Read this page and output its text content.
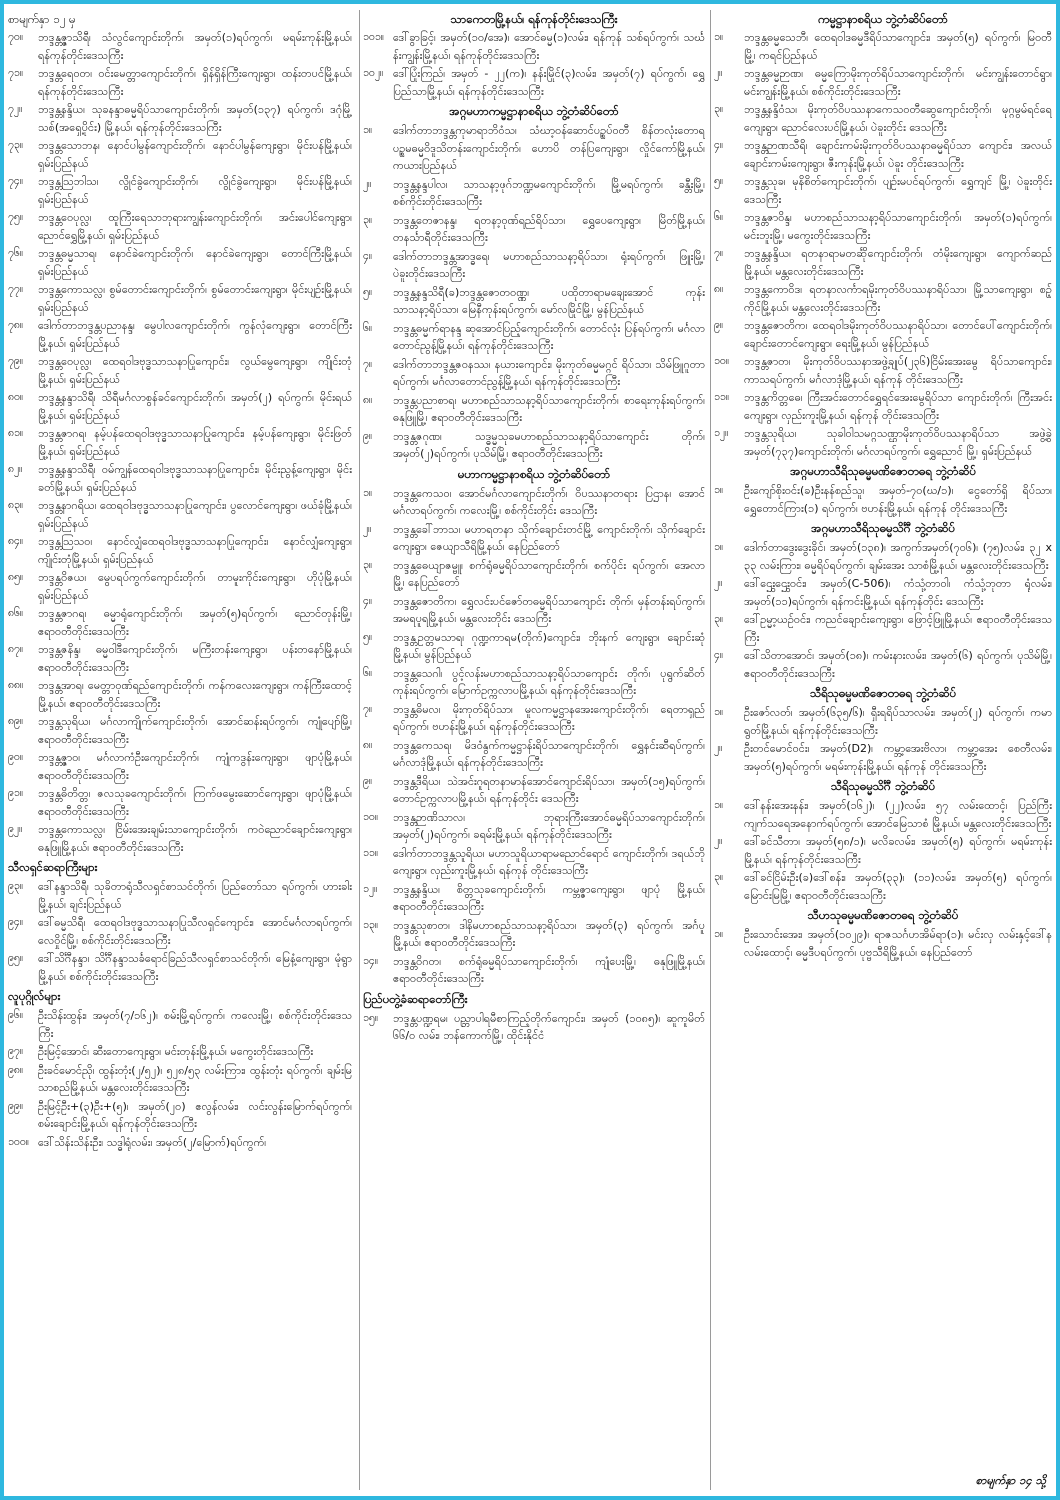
စာမျက်နှာ ၁၂ မှ
၇၀။	ဘဒ္ဒန္တဇ္ဇာသိရီ၊ သံလွင်ကျောင်းတိုက်၊ အမှတ်(၁)ရပ်ကွက်၊ မရမ်းကုန်းမြို့နယ်၊ ရန်ကုန်တိုင်းဒေသကြီး
၇၁။	ဘဒ္ဒန္တရေဝတ၊ ဝင်းမေတ္တာကျောင်းတိုက်၊ ရှိန်ရှိန်ကြီးကျေးရွာ၊ ထန်းတပင်မြို့နယ်၊ ရန်ကုန်တိုင်းဒေသကြီး
၇၂။	ဘဒ္ဒန္တနန္ဒိယ၊ သုခနန္ဒာဓမ္မရိပ်သာကျောင်းတိုက်၊ အမှတ်(၁၃၇) ရပ်ကွက်၊ ဒဂုံမြို့သစ်(အရှေ့ပိုင်း) မြို့နယ်၊ ရန်ကုန်တိုင်းဒေသကြီး
၇၃။	ဘဒ္ဒန္တသောဘန၊ နောင်ပါမွန်ကျောင်းတိုက်၊ နောင်ပါမွန်ကျေးရွာ၊ မိုင်းပန်မြို့နယ်၊ ရှမ်းပြည်နယ်
၇၄။	ဘဒ္ဒန္တဩဘါသ၊ လွိုင်ခွဲကျောင်းတိုက်၊ လွိုင်ခွဲကျေးရွာ၊ မိုင်းပန်မြို့နယ်၊ ရှမ်းပြည်နယ်
၇၅။	ဘဒ္ဒန္တဝေပုလ္လ၊ ထူကြီးရေသာဘုရားကျွန်းကျောင်းတိုက်၊ အင်းပေါင်ကျေးရွာ၊ ညောင်ရွှေမြို့နယ်၊ ရှမ်းပြည်နယ်
၇၆။	ဘဒ္ဒန္တဓမ္မသာရ၊ နောင်ခဲကျောင်းတိုက်၊ နောင်ခဲကျေးရွာ၊ တောင်ကြီးမြို့နယ်၊ ရှမ်းပြည်နယ်
၇၇။	ဘဒ္ဒန္တကောသလ္လ၊ စွမ်တောင်းကျောင်းတိုက်၊ စွမ်တောင်းကျေးရွာ၊ မိုင်းပျဉ်းမြို့နယ်၊ ရှမ်းပြည်နယ်
၇၈။	ဒေါက်တာဘဒ္ဒန္တပညာနန္ဒ၊ မွေပါလကျောင်းတိုက်၊ ကွန်လုံကျေးရွာ၊ တောင်ကြီးမြို့နယ်၊ ရှမ်းပြည်နယ်
၇၉။	ဘဒ္ဒန္တဝေပုလ္လ၊ ထေရဝါဒဗုဒ္ဓသာသနာပြုကျောင်း၊ လွယ်မွေကျေးရွာ၊ ကျိုင်းတုံမြို့နယ်၊ ရှမ်းပြည်နယ်
၈၀။	ဘဒ္ဒန္တနန္ဒာသိရီ၊ သိရီမင်္ဂလာစွန်ခင်ကျောင်းတိုက်၊ အမှတ်(၂) ရပ်ကွက်၊ မိုင်းရယ်မြို့နယ်၊ ရှမ်းပြည်နယ်
၈၁။	ဘဒ္ဒန္တဇာဂရ၊ နမ့်ပန်ထေရဝါဒဗုဒ္ဓသာသနာပြုကျောင်း၊ နမ့်ပန်ကျေးရွာ၊ မိုင်းဖြတ်မြို့နယ်၊ ရှမ်းပြည်နယ်
၈၂။	ဘဒ္ဒန္တနန္ဒာသိရီ၊ ဝမ်ကျွန်ထေရဝါဒဗုဒ္ဓသာသနာပြုကျောင်း၊ မိုင်းညွန့်ကျေးရွာ၊ မိုင်းခတ်မြို့နယ်၊ ရှမ်းပြည်နယ်
၈၃။	ဘဒ္ဒန္တနာဂရိယ၊ ထေရဝါဒဗုဒ္ဓသာသနာပြုကျောင်း၊ ပွလောင်ကျေးရွာ၊ ဖယ်ခုံမြို့နယ်၊ ရှမ်းပြည်နယ်
၈၄။	ဘဒ္ဒန္တဩသဝ၊ နောင်လျှံထေရဝါဒဗုဒ္ဓသာသနာပြုကျောင်း၊ နောင်လျှံကျေးရွာ၊ ကျိုင်းတုံမြို့နယ်၊ ရှမ်းပြည်နယ်
၈၅။	ဘဒ္ဒန္တဝိဇယ၊ မွေပရပ်ကွက်ကျောင်းတိုက်၊ တာမူးကိုင်းကျေးရွာ၊ ဟိုပုံမြို့နယ်၊ ရှမ်းပြည်နယ်
၈၆။	ဘဒ္ဒန္တဇာဂရ၊ ဓမ္မာရုံကျောင်းတိုက်၊ အမှတ်(၅)ရပ်ကွက်၊ ညောင်တုန်းမြို့၊ ဧရာဝတီတိုင်းဒေသကြီး
၈၇။	ဘဒ္ဒန္တဇနိန္ဒ၊ ဓမ္မဝါဒီကျောင်းတိုက်၊ မကြီးတန်းကျေးရွာ၊ ပန်းတနော်မြို့နယ်၊ ဧရာဝတီတိုင်းဒေသကြီး
၈၈။	ဘဒ္ဒန္တအာရ၊ မေတ္တာဝုဏ်ရည်ကျောင်းတိုက်၊ ကန်ကလေးကျေးရွာ၊ ကန်ကြီးထောင့်မြို့နယ်၊ ဧရာဝတီတိုင်းဒေသကြီး
၈၉။	ဘဒ္ဒန္တသုရိယ၊ မင်္ဂလာကျိုက်ကျောင်းတိုက်၊ အောင်ဆန်းရပ်ကွက်၊ ကျုံပျော်မြို့၊ ဧရာဝတီတိုင်းဒေသကြီး
၉၀။	ဘဒ္ဒန္တဇ္ဇာဝ၊ မင်္ဂလာကံဦးကျောင်းတိုက်၊ ကျုံကဒွန်းကျေးရွာ၊ ဖျာပုံမြို့နယ်၊ ဧရာဝတီတိုင်းဒေသကြီး
၉၁။	ဘဒ္ဒန္တဓိတိတ္တ၊ ဇလသုခကျောင်းတိုက်၊ ကြက်ဖမွေးဆောင်ကျေးရွာ၊ ဖျာပုံမြို့နယ်၊ ဧရာဝတီတိုင်းဒေသကြီး
၉၂။	ဘဒ္ဒန္တကောသလ္လ၊ ငြိမ်းအေးချမ်းသာကျောင်းတိုက်၊ ကဝဲညောင်ချောင်းကျေးရွာ၊ ဓနုဖြူမြို့နယ်၊ ဧရာဝတီတိုင်းဒေသကြီး
သီလရှင်ဆရာကြီးများ
၉၃။	ဒေါ်နန္ဒာသိရီ၊ သုခိတာရုံသီလရှင်စာသင်တိုက်၊ ပြည်တော်သာ ရပ်ကွက်၊ ဟားခါးမြို့နယ်၊ ချင်းပြည်နယ်
၉၄။	ဒေါ်ဓမ္မသိရီ၊ ထေရဝါဒဗုဒ္ဓသာသနာပြုသီလရှင်ကျောင်း၊ အောင်မင်္ဂလာရပ်ကွက်၊ လေဝှိုင်မြို့၊ စစ်ကိုင်းတိုင်းဒေသကြီး
၉၅။	ဒေါ်သိင်္ဂီနန္ဒာ၊ သိင်္ဂီနန္ဒာသင်္ခရောင်ခြည်သီလရှင်စာသင်တိုက်၊ မြေနံ့ကျေးရွာ၊ မုံရွာမြို့နယ်၊ စစ်ကိုင်းတိုင်းဒေသကြီး
လူပုဂ္ဂိုလ်များ
၉၆။	ဦးသိန်းထွန်း၊ အမှတ်(၇/၁၆၂)၊ စမ်းမြို့ရပ်ကွက်၊ ကလေးမြို့၊ စစ်ကိုင်းတိုင်းဒေသကြီး
၉၇။	ဦးမြင့်အောင်၊ ဆီးတောကျေးရွာ၊ မင်းတုန်းမြို့နယ်၊ မကွေးတိုင်းဒေသကြီး
၉၈။	ဦးခင်မောင်ညို၊ ထွန်းတုံး(၂/၅၂)၊ ၅၂၈/၅၃ လမ်းကြား၊ ထွန်းတုံး ရပ်ကွက်၊ ချမ်းမြသာစည်မြို့နယ်၊ မန္တလေးတိုင်းဒေသကြီး
၉၉။	ဦးမြင့်ဦး+(၃)ဦး+(၅)၊ အမှတ်(၂၀) ဧလွန်လမ်း၊ လင်းလွန်းမြောက်ရပ်ကွက်၊ စမ်းချောင်းမြို့နယ်၊ ရန်ကုန်တိုင်းဒေသကြီး
၁၀၀။ ဒေါ်သိန်းသိန်းဦး၊ သဒ္ဓါရုံလမ်း၊ အမှတ်(၂/မြောက်)ရပ်ကွက်၊
သာကေတမြို့နယ်၊ ရန်ကုန်တိုင်းဒေသကြီး
၁၀၁။ ဒေါ်ခွာခြင့်၊ အမှတ်(၁၀/အေ)၊ အောင်ဓမ္မ(၁)လမ်း၊ ရန်ကုန် သစ်ရပ်ကွက်၊ သင်္ဃန်းကျွန်းမြို့နယ်၊ ရန်ကုန်တိုင်းဒေသကြီး
၁၀၂။ ဒေါ်ပြုံးကြည်၊ အမှတ် - ၂၂(က)၊ နန်းမြိုင်(၃)လမ်း၊ အမှတ်(၇) ရပ်ကွက်၊ ရွှေပြည်သာမြို့နယ်၊ ရန်ကုန်တိုင်းဒေသကြီး
အဂ္ဂမဟာကမ္မဋ္ဌာနာစရိယ ဘွဲ့တံဆိပ်တော်
၁။	ဒေါက်တာဘဒ္ဒန္တကုမာရာဘိဝံသ၊ သံဃာ့ဝန်ဆောင်ပဉ္စပ်ဝတီ စိန်တလုံးတောရပဉ္စမဓမ္မဝိဒူသိတန်းကျောင်းတိုက်၊ ဟောပိ တန်ပြကျေးရွာ၊ လှိုင်ကော်မြို့နယ်၊ ကယားပြည်နယ်
၂။	ဘဒ္ဒန္တနန္ဒပါလ၊ သာသနာ့ဖုဂ်ဘဏ္ဍမကျောင်းတိုက်၊ မြို့မရပ်ကွက်၊ ခန္တီးမြို့၊ စစ်ကိုင်းတိုင်းဒေသကြီး
၃။	ဘဒ္ဒန္တတေဇာနန္ဒ၊ ရတနာ့ဝုဏ်ရည်ရိပ်သာ၊ ရွှေပေကျေးရွာ၊ မြိတ်မြို့နယ်၊ တနင်္သာရီတိုင်းဒေသကြီး
၄။	ဒေါက်တာဘဒ္ဒန္တအာဒ္ဓရေ၊ မဟာစည်သာသနာ့ရိပ်သာ၊ ရုံးရပ်ကွက်၊ ဖြူးမြို့၊ ပဲခူးတိုင်းဒေသကြီး
၅။	ဘဒ္ဒန္တနန္ဒသိရီ(ခ)ဘဒ္ဒန္တဇောတဝဏ္ဏ၊ ပထိုတာရာမချေးအောင် ကုန်းသာသနာ့ရိပ်သာ၊ မြေနီကုန်းရပ်ကွက်၊ မော်လမြိုင်မြို့၊ မွန်ပြည်နယ်
၆။	ဘဒ္ဒန္တဓမ္မက်ရာနန္ဒ ဆုအောင်ပြည့်ကျောင်းတိုက်၊ တောင်လုံး ပြန်ရပ်ကွက်၊ မင်္ဂလာတောင်ညွန့်မြို့နယ်၊ ရန်ကုန်တိုင်းဒေသကြီး
၇။	ဒေါက်တာဘဒ္ဒန္တဇဝနဿ၊ နယားကျောင်း၊ မိုးကုတ်ဓမ္မမဂ္ဂင် ရိပ်သာ၊ သိမ်ဖြူဂူတာရပ်ကွက်၊ မင်္ဂလာတောင်ညွန့်မြို့နယ်၊ ရန်ကုန်တိုင်းဒေသကြီး
၈။	ဘဒ္ဒန္တပညာစာရ၊ မဟာစည်သာသနာ့ရိပ်သာကျောင်းတိုက်၊ စာရေးကုန်းရပ်ကွက်၊ ဓနုဖြူမြို့၊ ဧရာဝတီတိုင်းဒေသကြီး
၉။	ဘဒ္ဒန္တဇဂုဏ၊ သဒ္ဓမ္မသုခမဟာစည်သာသနာ့ရိပ်သာကျောင်း တိုက်၊ အမှတ်(၂)ရပ်ကွက်၊ ပုသိမ်မြို့၊ ဧရာဝတီတိုင်းဒေသကြီး
မဟာကမ္မဋ္ဌာနာစရိယ ဘွဲ့တံဆိပ်တော်
၁။	ဘဒ္ဒန္တကေသဝ၊ အောင်မင်္ဂလာကျောင်းတိုက်၊ ဝိပဿနာတရား ပြဌာန၊ အောင်မင်္ဂလာရပ်ကွက်၊ ကလေးမြို့၊ စစ်ကိုင်းတိုင်း ဒေသကြီး
၂။	ဘဒ္ဒန္တခေါ်ဘာသ၊ မဟာရတနာ သိုက်ချောင်းတင်မြို့ ကျောင်းတိုက်၊ သိုက်ချောင်းကျေးရွာ၊ ဇေယျာသီရိမြို့နယ်၊ နေပြည်တော်
၃။	ဘဒ္ဒန္တဓေယျာဇမ္ဗူ၊ စက်ရုံဓမ္မရိပ်သာကျောင်းတိုက်၊ စက်ပိုင်း ရပ်ကွက်၊ အေလာမြို့၊ နေပြည်တော်
၄။	ဘဒ္ဒန္တဇောတိက၊ ရွှေလင်းပင်ဇော်တဓမ္မရိပ်သာကျောင်း တိုက်၊ မှန်တန်းရပ်ကွက်၊ အမရပူရမြို့နယ်၊ မန္တလေးတိုင်း ဒေသကြီး
၅။	ဘဒ္ဒန္တဥတ္တမသာရ၊ ဂုဏ္ဍကာရမ(တိုက်)ကျောင်း၊ ဘိုးနက် ကျေးရွာ၊ ချောင်းဆုံမြို့နယ်၊ မွန်ပြည်နယ်
၆။	ဘဒ္ဒန္တသေဂါ၊ ပွင့်လန်းမဟာစည်သာသနာ့ရိပ်သာကျောင်း တိုက်၊ ပုရွက်ဆိတ်ကုန်းရပ်ကွက်၊ မြောက်ဥက္ကလာပမြို့နယ်၊ ရန်ကုန်တိုင်းဒေသကြီး
၇။	ဘဒ္ဒန္တဓိမလ၊ မိုးကုတ်ရိပ်သာ၊ မူလကမ္မဋ္ဌာနအေးကျောင်းတိုက်၊ ရေတာရှည်ရပ်ကွက်၊ ဗဟန်းမြို့နယ်၊ ရန်ကုန်တိုင်းဒေသကြီး
၈။	ဘဒ္ဒန္တကေသရ၊ မိဒဝံနွက်ကမ္မဋ္ဌာန်းရိပ်သာကျောင်းတိုက်၊ ရွှေနင်းဆီရပ်ကွက်၊ မင်္ဂလာဒုံမြို့နယ်၊ ရန်ကုန်တိုင်းဒေသကြီး
၉။	ဘဒ္ဒန္တဒီရိယ၊ သဲအင်းဂူရတနာမာန်အောင်ကျောင်းရိပ်သာ၊ အမှတ်(၁၅)ရပ်ကွက်၊ တောင်ဥက္ကလာပမြို့နယ်၊ ရန်ကုန်တိုင်း ဒေသကြီး
၁၀။	ဘဒ္ဒန္တဉာဏိသာလ၊ ဘုရားကြီးအောင်ဓမ္မရိပ်သာကျောင်းတိုက်၊ အမှတ်(၂)ရပ်ကွက်၊ ခရမ်းမြို့နယ်၊ ရန်ကုန်တိုင်းဒေသကြီး
၁၁။	ဒေါက်တာဘဒ္ဒန္တသူရိယ၊ မဟာသူရိယာရာမညောင်ရောင် ကျောင်းတိုက်၊ ဒရယ်ဘိုကျေးရွာ၊ လှည်းကူးမြို့နယ်၊ ရန်ကုန် တိုင်းဒေသကြီး
၁၂။	ဘဒ္ဒန္တနန္ဒိယ၊ စိတ္တသုခကျောင်းတိုက်၊ ကမ္ဘဇ္ဇာကျေးရွာ၊ ဖျာပုံ မြို့နယ်၊ ဧရာဝတီတိုင်းဒေသကြီး
၁၃။	ဘဒ္ဒန္တသုစာတ၊ ဒါနိမဟာစည်သာသနာ့ရိပ်သာ၊ အမှတ်(၃) ရပ်ကွက်၊ အင်္ဂပူမြို့နယ်၊ ဧရာဝတီတိုင်းဒေသကြီး
၁၄။	ဘဒ္ဒန္တဝိဂတ၊ စက်ရုံဓမ္မရိပ်သာကျောင်းတိုက်၊ ကျုံပေးမြို့၊ ဓနုဖြူမြို့နယ်၊ ဧရာဝတီတိုင်းဒေသကြီး
ပြည်ပတွဲ့ခံဆရာတော်ကြီး
၁၅။	ဘဒ္ဒန္တပဏ္ဍရမ၊ ပည္ဘာပါရမီစာကြည့်တိုက်ကျောင်း၊ အမှတ် (၁၀၈၅)၊ ဆူကူမိတ် ၆၆/၀ လမ်း၊ ဘန်ကောက်မြို့၊ ထိုင်းနိုင်ငံ
ကမ္မဋ္ဌာနာစရိယ ဘွဲ့တံဆိပ်တော်
၁။	ဘဒ္ဒန္တဓမ္မသေဘီ၊ ထေရဝါဒဓမ္မဒီရိပ်သာကျောင်း၊ အမှတ်(၅) ရပ်ကွက်၊ မြဝတီမြို့၊ ကရင်ပြည်နယ်
၂။	ဘဒ္ဒန္တဓမ္မဉာဏ၊ ဓမ္မကြောမိုးကုတ်ရိပ်သာကျောင်းတိုက်၊ မင်းကျွန်းတောင်ရွာ၊ မင်းကျွန်းမြို့နယ်၊ စစ်ကိုင်းတိုင်းဒေသကြီး
၃။	ဘဒ္ဒန္တနန္ဒိဝံသ၊ မိုးကုတ်ဝိပဿနာကေသဝတီဆွေကျောင်းတိုက်၊ မုဂ္ဂမွမ်ရင်ရေကျေးရွာ၊ ညောင်လေးပင်မြို့နယ်၊ ပဲခူးတိုင်း ဒေသကြီး
၄။	ဘဒ္ဒန္တဉာဏသီရိ၊ ချောင်းကမ်းမိုးကုတ်ဝိပဿနာဓမ္မရိပ်သာ ကျောင်း၊ အလယ်ချောင်းကမ်းကျေးရွာ၊ ဇီးကုန်းမြို့နယ်၊ ပဲခူး တိုင်းဒေသကြီး
၅။	ဘဒ္ဒန္တသုခ၊ မုနိစိတ်ကျောင်းတိုက်၊ ပျဉ်းမပင်ရပ်ကွက်၊ ရွှေကျင် မြို့၊ ပဲခူးတိုင်းဒေသကြီး
၆။	ဘဒ္ဒန္တဇာဝိန္ဒ၊ မဟာစည်သာသနာ့ရိပ်သာကျောင်းတိုက်၊ အမှတ်(၁)ရပ်ကွက်၊ မင်းဘူးမြို့၊ မကွေးတိုင်းဒေသကြီး
၇။	ဘဒ္ဒန္တနန္ဒိယ၊ ရတနာရာမတင်္ဆိုကျောင်းတိုက်၊ တံမိုးကျေးရွာ၊ ကျောက်ဆည်မြို့နယ်၊ မန္တလေးတိုင်းဒေသကြီး
၈။	ဘဒ္ဒန္တကောဝိဒ၊ ရတနာလင်္ကာရမိုးကုတ်ဝိပဿနာရိပ်သာ၊ မြို့သာကျေးရွာ၊ စဉ့်ကိုင်မြို့နယ်၊ မန္တလေးတိုင်းဒေသကြီး
၉။	ဘဒ္ဒန္တဇောတိက၊ ထေရဝါဒမိုးကုတ်ဝိပဿနာရိပ်သာ၊ တောင်ပေါ်ကျောင်းတိုက်၊ ချောင်းတောင်ကျေးရွာ၊ ရေးမြို့နယ်၊ မွန်ပြည်နယ်
၁၀။	ဘဒ္ဒန္တဇာတ၊ မိုးကုတ်ဝိပဿနာအဖွဲ့ချုပ်(၂၃၆)ငြိမ်းအေးမွေ ရိပ်သာကျောင်း၊ ကာသရပ်ကွက်၊ မင်္ဂလာဒုံမြို့နယ်၊ ရန်ကုန် တိုင်းဒေသကြီး
၁၁။	ဘဒ္ဒန္တကိတ္တဓေ၊ ကြီးအင်းတောင်ရွှေရင်အေးမွေရိပ်သာ ကျောင်းတိုက်၊ ကြီးအင်းကျေးရွာ၊ လှည်းကူးမြို့နယ်၊ ရန်ကုန် တိုင်းဒေသကြီး
၁၂။	ဘဒ္ဒန္တသုရိယ၊ သုခါဝါသမဂ္ဂသဏ္ဌာမိုးကုတ်ဝိပဿနာရိပ်သာ အဖွဲ့ခွဲအမှတ်(၇၃၇)ကျောင်းတိုက်၊ မင်္ဂလာရပ်ကွက်၊ ရွှေညောင် မြို့၊ ရှမ်းပြည်နယ်
အဂ္ဂမဟာသီရိသုဓမ္မမဏိဇောတဓရ ဘွဲ့တံဆိပ်
၁။	ဦးကျော်စိုးဝင်း(ခ)ဦးနန်စည်သူ၊ အမှတ်-၇၀(ဃ/၁)၊ ငွေတော်ရှိ ရိပ်သာ၊ ရွှေတောင်ကြား(၁) ရပ်ကွက်၊ ဗဟန်းမြို့နယ်၊ ရန်ကုန် တိုင်းဒေသကြီး
အဂ္ဂမဟာသီရိသုဓမ္မသိင်္ဂီ ဘွဲ့တံဆိပ်
၁။	ဒေါက်တာဒွေးဒွေးခိုင်၊ အမှတ်(၁၃၈)၊ အကွက်အမှတ်(၇၀၆)၊ (၇၅)လမ်း၊ ၃၂ x ၃၃ လမ်းကြား၊ ဓမ္မရိပ်ရပ်ကွက်၊ ချမ်းအေး သာစံမြို့နယ်၊ မန္တလေးတိုင်းဒေသကြီး
၂။	ဒေါ်ဌွေးဌွေးဝင်း၊ အမှတ်(C-506)၊ ကံသုံ့တာဝါ၊ ကံသုံ့ဘုတာ ရုံလမ်း၊ အမှတ်(၁၁)ရပ်ကွက်၊ ရန်ကင်းမြို့နယ်၊ ရန်ကုန်တိုင်း ဒေသကြီး
၃။	ဒေါ်ဥမ္မာ့ယဉ်ဝင်း၊ ကညင်ချောင်းကျေးရွာ၊ ဖြောင့်ဖြူမြို့နယ်၊ ဧရာဝတီတိုင်းဒေသကြီး
၄။	ဒေါ်သိတာအောင်၊ အမှတ်(၁၈)၊ ကမ်းနားလမ်း၊ အမှတ်(၆) ရပ်ကွက်၊ ပုသိမ်မြို့၊ ဧရာဝတီတိုင်းဒေသကြီး
သီရိသုဓမ္မမဏိဇောတဓရ ဘွဲ့တံဆိပ်
၁။	ဦးဇော်လတ်၊ အမှတ်(၆၃၅/၆)၊ ရှီးရရိပ်သာလမ်း၊ အမှတ်(၂) ရပ်ကွက်၊ ကမာရွတ်မြို့နယ်၊ ရန်ကုန်တိုင်းဒေသကြီး
၂။	ဦးတင်မောင်ဝင်း၊ အမှတ်(D2)၊ ကမ္ဘာ့အေးဗိလာ၊ ကမ္ဘာ့အေး စေတီလမ်း၊ အမှတ်(၅)ရပ်ကွက်၊ မရမ်းကုန်းမြို့နယ်၊ ရန်ကုန် တိုင်းဒေသကြီး
သီရိသုဓမ္မသိင်္ဂီ ဘွဲ့တံဆိပ်
၁။	ဒေါ်နန်းအေးနန်း၊ အမှတ်(၁၆၂)၊ (၂၂)လမ်း၊ ၅၇ လမ်းထောင့်၊ ပြည်ကြီးကျက်သရေအနောက်ရပ်ကွက်၊ အောင်မြေသာစံ မြို့နယ်၊ မန္တလေးတိုင်းဒေသကြီး
၂။	ဒေါ်ခင်သီတာ၊ အမှတ်(၅၈/၁)၊ မလိခလမ်း၊ အမှတ်(၅) ရပ်ကွက်၊ မရမ်းကုန်းမြို့နယ်၊ ရန်ကုန်တိုင်းဒေသကြီး
၃။	ဒေါ်ခင်ငြိမ်းဦး(ခ)ဒေါ်စန်း၊ အမှတ်(၃၃)၊ (၁၁)လမ်း၊ အမှတ်(၅) ရပ်ကွက်၊ မြောင်းမြမြို့၊ ဧရာဝတီတိုင်းဒေသကြီး
သီဟသုဓမ္မမဏိဇောတဓရ ဘွဲ့တံဆိပ်
၁။	ဦးသောင်းအေး၊ အမှတ်(၁၀၂၉)၊ ရာဇသင်္ဂဟအိမ်ရာ(၁)၊ မင်းလှ လမ်းနှင့်ဒေါ်နလမ်းထောင့်၊ ဓမ္မဒီပရပ်ကွက်၊ ပုဗ္ဗသီရိမြို့နယ်၊ နေပြည်တော်
စာမျက်နှာ ၁၄ သို့
